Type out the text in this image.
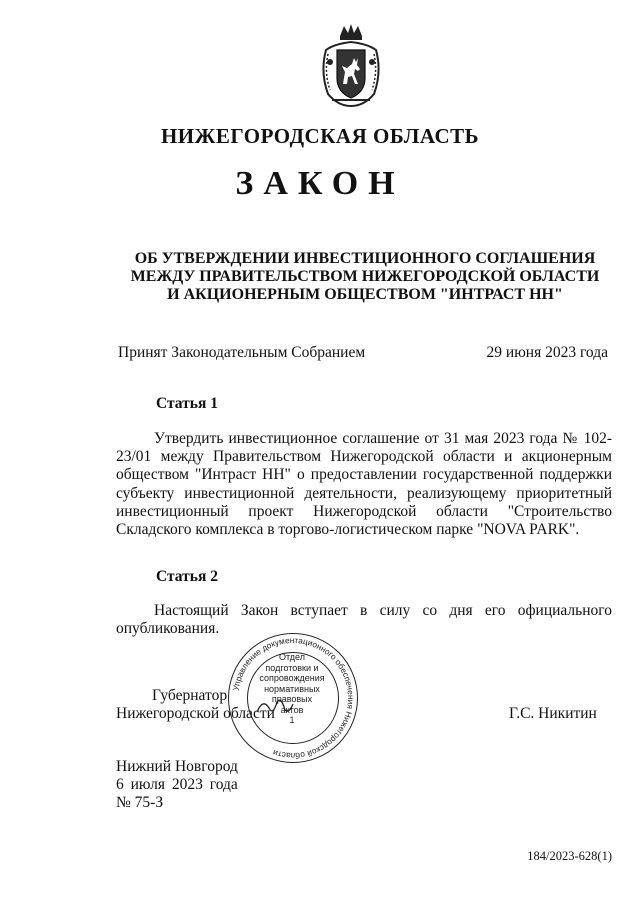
НИЖЕГОРОДСКАЯ ОБЛАСТЬ
ЗАКОН
ОБ УТВЕРЖДЕНИИ ИНВЕСТИЦИОННОГО СОГЛАШЕНИЯ
МЕЖДУ ПРАВИТЕЛЬСТВОМ НИЖЕГОРОДСКОЙ ОБЛАСТИ
И АКЦИОНЕРНЫМ ОБЩЕСТВОМ "ИНТРАСТ НН"
Принят Законодательным Собранием	29 июня 2023 года
Статья 1
Утвердить инвестиционное соглашение от 31 мая 2023 года № 102-23/01 между Правительством Нижегородской области и акционерным обществом "Интраст НН" о предоставлении государственной поддержки субъекту инвестиционной деятельности, реализующему приоритетный инвестиционный проект Нижегородской области "Строительство Складского комплекса в торгово-логистическом парке "NOVA PARK".
Статья 2
Настоящий Закон вступает в силу со дня его официального опубликования.
Губернатор
Нижегородской области	Г.С. Никитин
Управление документационного обеспечения Нижегородской области
Отдел
подготовки и
сопровождения
нормативных
правовых
актов
1
Нижний Новгород
6 июля 2023 года
№ 75-З
184/2023-628(1)
